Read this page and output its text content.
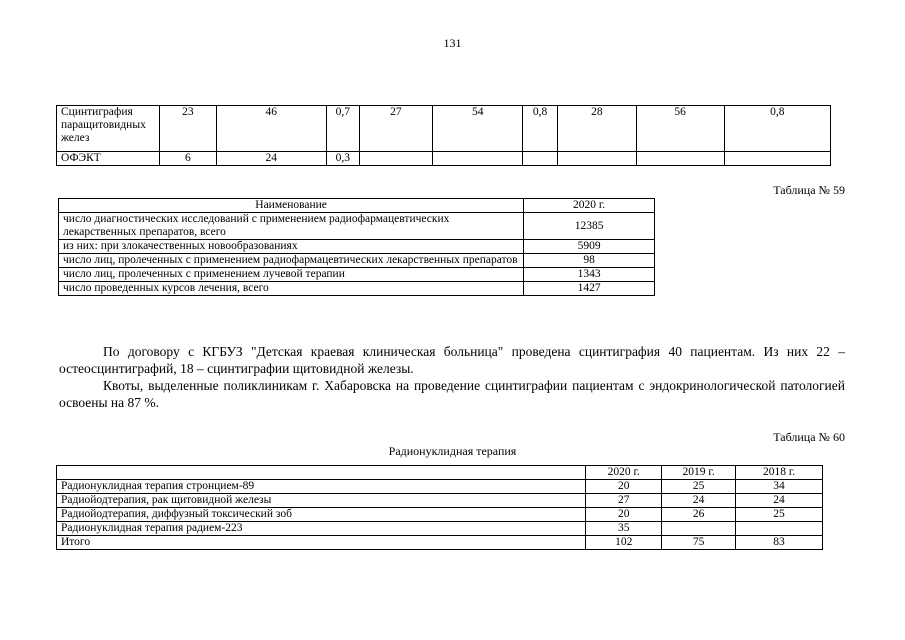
131
Сцинтиграфия паращитовидных желез	23	46	0,7	27	54	0,8	28	56	0,8
ОФЭКТ	6	24	0,3						
Таблица № 59
Наименование	2020 г.
число диагностических исследований с применением радиофармацевтических лекарственных препаратов, всего	12385
из них: при злокачественных новообразованиях	5909
число лиц, пролеченных с применением радиофармацевтических лекарственных препаратов	98
число лиц, пролеченных с применением лучевой терапии	1343
число проведенных курсов лечения, всего	1427

По договору с КГБУЗ "Детская краевая клиническая больница" проведена сцинтиграфия 40 пациентам. Из них 22 – остеосцинтиграфий, 18 – сцинтиграфии щитовидной железы.

Квоты, выделенные поликлиникам г. Хабаровска на проведение сцинтиграфии пациентам с эндокринологической патологией освоены на 87 %.

Таблица № 60
Радионуклидная терапия
	2020 г.	2019 г.	2018 г.
Радионуклидная терапия стронцием-89	20	25	34
Радиойодтерапия, рак щитовидной железы	27	24	24
Радиойодтерапия, диффузный токсический зоб	20	26	25
Радионуклидная терапия радием-223	35		
Итого	102	75	83
